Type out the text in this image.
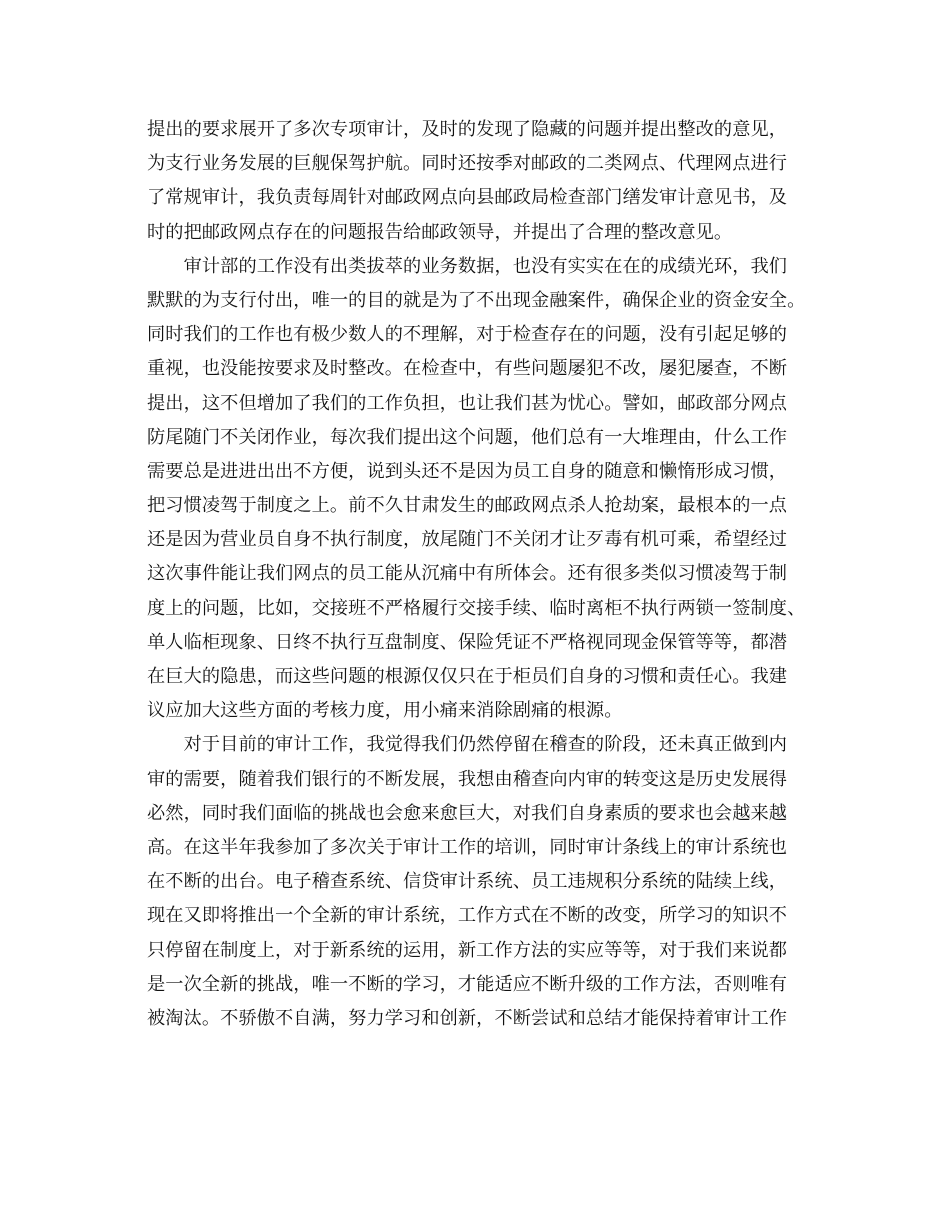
提出的要求展开了多次专项审计，及时的发现了隐藏的问题并提出整改的意见，
为支行业务发展的巨舰保驾护航。同时还按季对邮政的二类网点、代理网点进行
了常规审计，我负责每周针对邮政网点向县邮政局检查部门缮发审计意见书，及
时的把邮政网点存在的问题报告给邮政领导，并提出了合理的整改意见。
　　审计部的工作没有出类拔萃的业务数据，也没有实实在在的成绩光环，我们
默默的为支行付出，唯一的目的就是为了不出现金融案件，确保企业的资金安全。
同时我们的工作也有极少数人的不理解，对于检查存在的问题，没有引起足够的
重视，也没能按要求及时整改。在检查中，有些问题屡犯不改，屡犯屡查，不断
提出，这不但增加了我们的工作负担，也让我们甚为忧心。譬如，邮政部分网点
防尾随门不关闭作业，每次我们提出这个问题，他们总有一大堆理由，什么工作
需要总是进进出出不方便，说到头还不是因为员工自身的随意和懒惰形成习惯，
把习惯凌驾于制度之上。前不久甘肃发生的邮政网点杀人抢劫案，最根本的一点
还是因为营业员自身不执行制度，放尾随门不关闭才让歹毒有机可乘，希望经过
这次事件能让我们网点的员工能从沉痛中有所体会。还有很多类似习惯凌驾于制
度上的问题，比如，交接班不严格履行交接手续、临时离柜不执行两锁一签制度、
单人临柜现象、日终不执行互盘制度、保险凭证不严格视同现金保管等等，都潜
在巨大的隐患，而这些问题的根源仅仅只在于柜员们自身的习惯和责任心。我建
议应加大这些方面的考核力度，用小痛来消除剧痛的根源。
　　对于目前的审计工作，我觉得我们仍然停留在稽查的阶段，还未真正做到内
审的需要，随着我们银行的不断发展，我想由稽查向内审的转变这是历史发展得
必然，同时我们面临的挑战也会愈来愈巨大，对我们自身素质的要求也会越来越
高。在这半年我参加了多次关于审计工作的培训，同时审计条线上的审计系统也
在不断的出台。电子稽查系统、信贷审计系统、员工违规积分系统的陆续上线，
现在又即将推出一个全新的审计系统，工作方式在不断的改变，所学习的知识不
只停留在制度上，对于新系统的运用，新工作方法的实应等等，对于我们来说都
是一次全新的挑战，唯一不断的学习，才能适应不断升级的工作方法，否则唯有
被淘汰。不骄傲不自满，努力学习和创新，不断尝试和总结才能保持着审计工作
